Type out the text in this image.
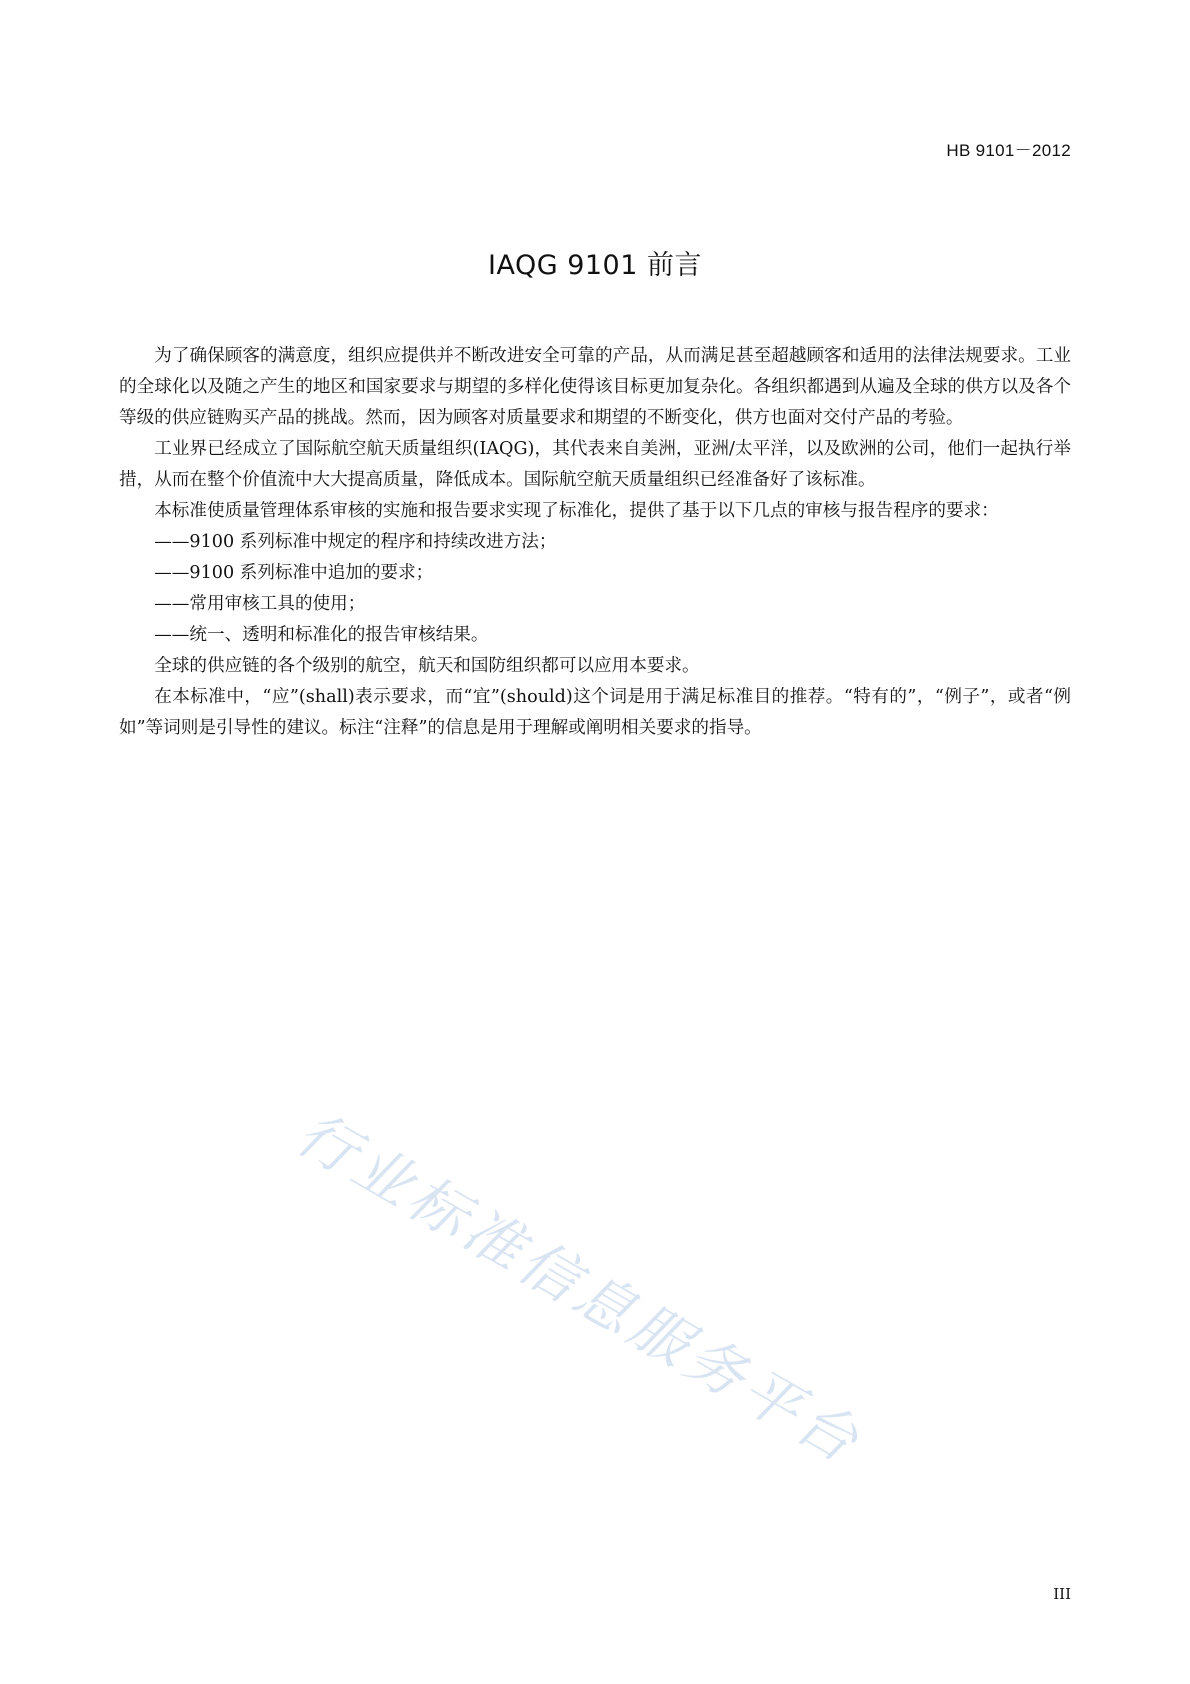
HB 9101－2012
IAQG 9101 前言

为了确保顾客的满意度，组织应提供并不断改进安全可靠的产品，从而满足甚至超越顾客和适用的法律法规要求。工业的全球化以及随之产生的地区和国家要求与期望的多样化使得该目标更加复杂化。各组织都遇到从遍及全球的供方以及各个等级的供应链购买产品的挑战。然而，因为顾客对质量要求和期望的不断变化，供方也面对交付产品的考验。

工业界已经成立了国际航空航天质量组织(IAQG)，其代表来自美洲，亚洲/太平洋，以及欧洲的公司，他们一起执行举措，从而在整个价值流中大大提高质量，降低成本。国际航空航天质量组织已经准备好了该标准。

本标准使质量管理体系审核的实施和报告要求实现了标准化，提供了基于以下几点的审核与报告程序的要求：

——9100 系列标准中规定的程序和持续改进方法；

——9100 系列标准中追加的要求；

——常用审核工具的使用；

——统一、透明和标准化的报告审核结果。

全球的供应链的各个级别的航空，航天和国防组织都可以应用本要求。

在本标准中，“应”(shall)表示要求，而“宜”(should)这个词是用于满足标准目的推荐。“特有的”，“例子”，或者“例如”等词则是引导性的建议。标注“注释”的信息是用于理解或阐明相关要求的指导。

行业标准信息服务平台
III
